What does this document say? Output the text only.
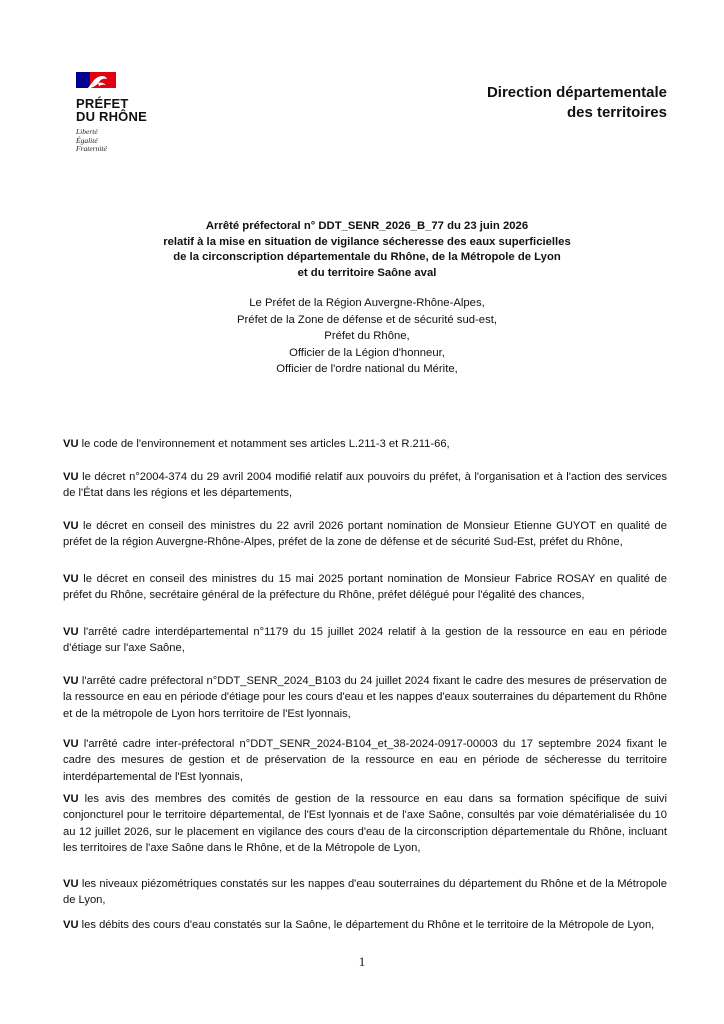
PRÉFET
DU RHÔNE
Liberté
Égalité
Fraternité
Direction départementale
des territoires
Arrêté préfectoral n° DDT_SENR_2026_B_77 du 23 juin 2026
relatif à la mise en situation de vigilance sécheresse des eaux superficielles
de la circonscription départementale du Rhône, de la Métropole de Lyon
et du territoire Saône aval
Le Préfet de la Région Auvergne-Rhône-Alpes,
Préfet de la Zone de défense et de sécurité sud-est,
Préfet du Rhône,
Officier de la Légion d'honneur,
Officier de l'ordre national du Mérite,
VU le code de l'environnement et notamment ses articles L.211-3 et R.211-66,
VU le décret n°2004-374 du 29 avril 2004 modifié relatif aux pouvoirs du préfet, à l'organisation et à l'action des services de l'État dans les régions et les départements,
VU le décret en conseil des ministres du 22 avril 2026 portant nomination de Monsieur Etienne GUYOT en qualité de préfet de la région Auvergne-Rhône-Alpes, préfet de la zone de défense et de sécurité Sud-Est, préfet du Rhône,
VU le décret en conseil des ministres du 15 mai 2025 portant nomination de Monsieur Fabrice ROSAY en qualité de préfet du Rhône, secrétaire général de la préfecture du Rhône, préfet délégué pour l'égalité des chances,
VU l'arrêté cadre interdépartemental n°1179 du 15 juillet 2024 relatif à la gestion de la ressource en eau en période d'étiage sur l'axe Saône,
VU l'arrêté cadre préfectoral n°DDT_SENR_2024_B103 du 24 juillet 2024 fixant le cadre des mesures de préservation de la ressource en eau en période d'étiage pour les cours d'eau et les nappes d'eaux souterraines du département du Rhône et de la métropole de Lyon hors territoire de l'Est lyonnais,
VU l'arrêté cadre inter-préfectoral n°DDT_SENR_2024-B104_et_38-2024-0917-00003 du 17 septembre 2024 fixant le cadre des mesures de gestion et de préservation de la ressource en eau en période de sécheresse du territoire interdépartemental de l'Est lyonnais,
VU les avis des membres des comités de gestion de la ressource en eau dans sa formation spécifique de suivi conjoncturel pour le territoire départemental, de l'Est lyonnais et de l'axe Saône, consultés par voie dématérialisée du 10 au 12 juillet 2026, sur le placement en vigilance des cours d'eau de la circonscription départementale du Rhône, incluant les territoires de l'axe Saône dans le Rhône, et de la Métropole de Lyon,
VU les niveaux piézométriques constatés sur les nappes d'eau souterraines du département du Rhône et de la Métropole de Lyon,
VU les débits des cours d'eau constatés sur la Saône, le département du Rhône et le territoire de la Métropole de Lyon,
1
